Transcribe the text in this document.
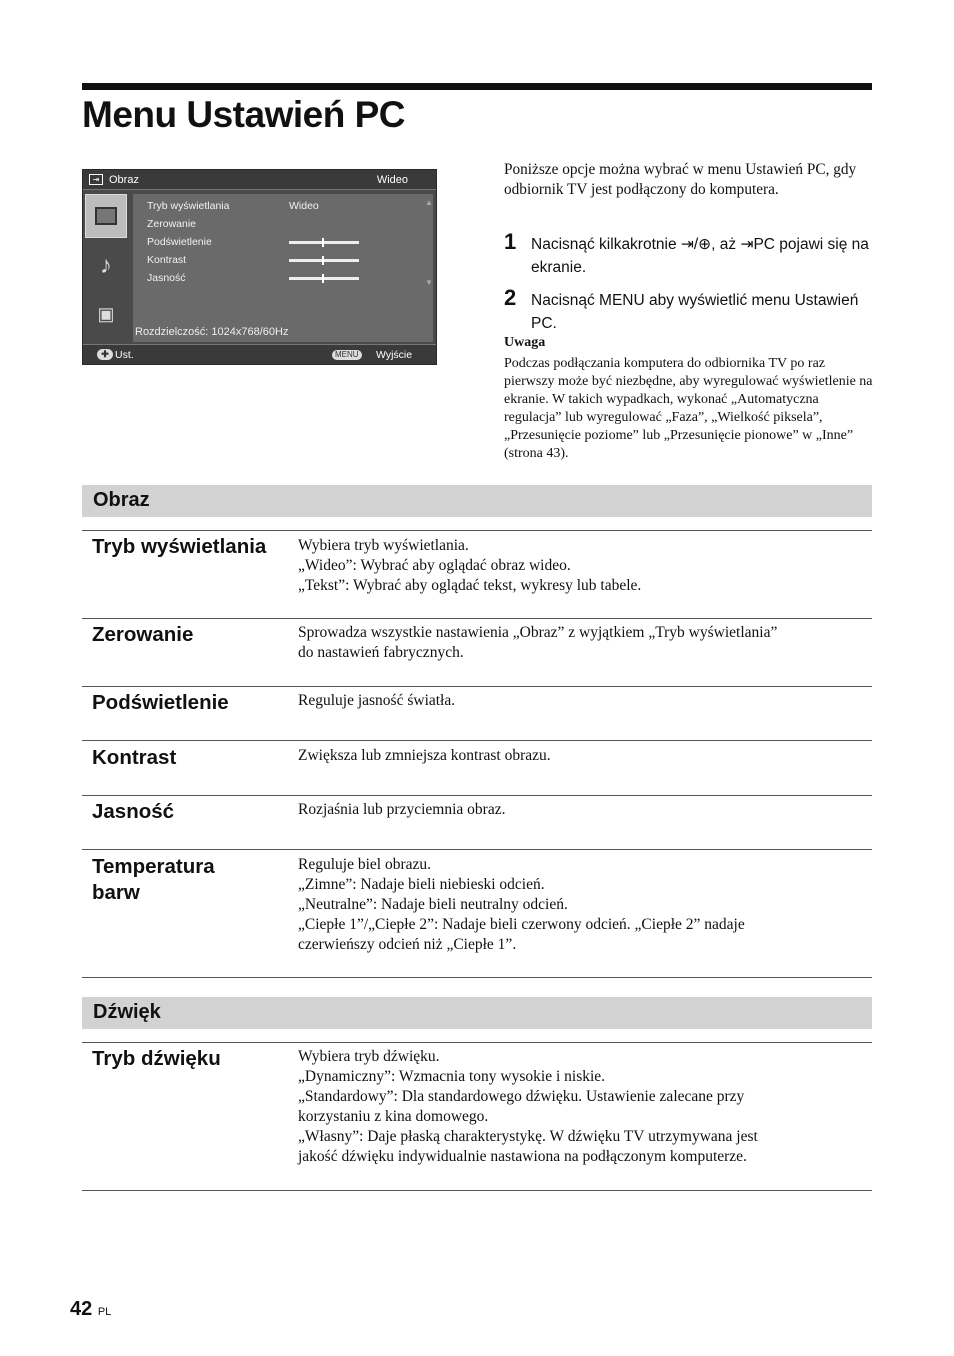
Menu Ustawień PC
⇥ Obraz	Wideo
♪
▣
Tryb wyświetlania	Wideo
Zerowanie
Podświetlenie
Kontrast
Jasność
▲
▼
Rozdzielczość: 1024x768/60Hz
✚ Ust.	MENU Wyjście

Poniższe opcje można wybrać w menu Ustawień PC, gdy odbiornik TV jest podłączony do komputera.

1 Nacisnąć kilkakrotnie ⇥/⊕, aż ⇥PC pojawi się na ekranie.
2 Nacisnąć MENU aby wyświetlić menu Ustawień PC.
Uwaga

Podczas podłączania komputera do odbiornika TV po raz pierwszy może być niezbędne, aby wyregulować wyświetlenie na ekranie. W takich wypadkach, wykonać „Automatyczna regulacja” lub wyregulować „Faza”, „Wielkość piksela”, „Przesunięcie poziome” lub „Przesunięcie pionowe” w „Inne” (strona 43).

Obraz
Tryb wyświetlania	Wybiera tryb wyświetlania.
„Wideo”: Wybrać aby oglądać obraz wideo.
„Tekst”: Wybrać aby oglądać tekst, wykresy lub tabele.
Zerowanie	Sprowadza wszystkie nastawienia „Obraz” z wyjątkiem „Tryb wyświetlania”
do nastawień fabrycznych.
Podświetlenie	Reguluje jasność światła.
Kontrast	Zwiększa lub zmniejsza kontrast obrazu.
Jasność	Rozjaśnia lub przyciemnia obraz.
Temperatura barw
Reguluje biel obrazu.
„Zimne”: Nadaje bieli niebieski odcień.
„Neutralne”: Nadaje bieli neutralny odcień.
„Ciepłe 1”/„Ciepłe 2”: Nadaje bieli czerwony odcień. „Ciepłe 2” nadaje
czerwieńszy odcień niż „Ciepłe 1”.
Dźwięk
Tryb dźwięku	Wybiera tryb dźwięku.
„Dynamiczny”: Wzmacnia tony wysokie i niskie.
„Standardowy”: Dla standardowego dźwięku. Ustawienie zalecane przy
korzystaniu z kina domowego.
„Własny”: Daje płaską charakterystykę. W dźwięku TV utrzymywana jest
jakość dźwięku indywidualnie nastawiona na podłączonym komputerze.
42 PL
